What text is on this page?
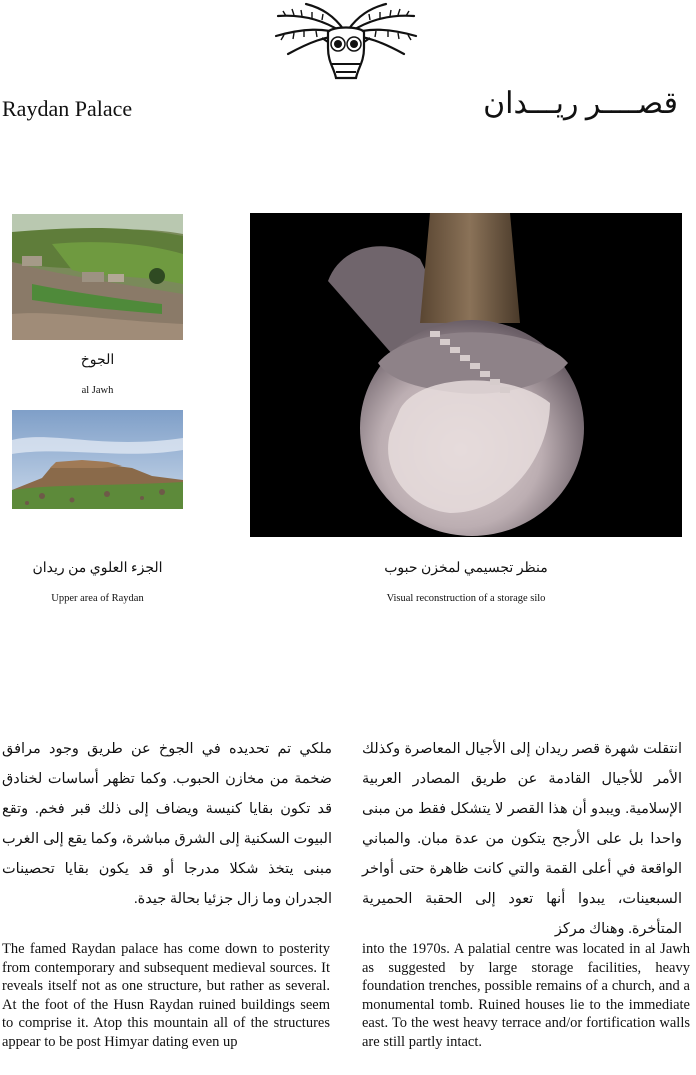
Raydan Palace	قصــــر ريـــدان
الجوخ
al Jawh
الجزء العلوي من ريدان
Upper area of Raydan
منظر تجسيمي لمخزن حبوب
Visual reconstruction of a storage silo
انتقلت شهرة قصر ريدان إلى الأجيال المعاصرة وكذلك الأمر للأجيال القادمة عن طريق المصادر العربية الإسلامية. ويبدو أن هذا القصر لا يتشكل فقط من مبنى واحدا بل على الأرجح يتكون من عدة مبان. والمباني الواقعة في أعلى القمة والتي كانت ظاهرة حتى أواخر السبعينات، يبدوا أنها تعود إلى الحقبة الحميرية المتأخرة. وهناك مركز
ملكي تم تحديده في الجوخ عن طريق وجود مرافق ضخمة من مخازن الحبوب. وكما تظهر أساسات لخنادق قد تكون بقايا كنيسة ويضاف إلى ذلك قبر فخم. وتقع البيوت السكنية إلى الشرق مباشرة، وكما يقع إلى الغرب مبنى يتخذ شكلا مدرجا أو قد يكون بقايا تحصينات الجدران وما زال جزئيا بحالة جيدة.
The famed Raydan palace has come down to posterity from contemporary and subsequent medieval sources. It reveals itself not as one structure, but rather as several. At the foot of the Husn Raydan ruined buildings seem to comprise it. Atop this mountain all of the structures appear to be post Himyar dating even up
into the 1970s. A palatial centre was located in al Jawh as suggested by large storage facilities, heavy foundation trenches, possible remains of a church, and a monumental tomb. Ruined houses lie to the immediate east. To the west heavy terrace and/or fortification walls are still partly intact.
